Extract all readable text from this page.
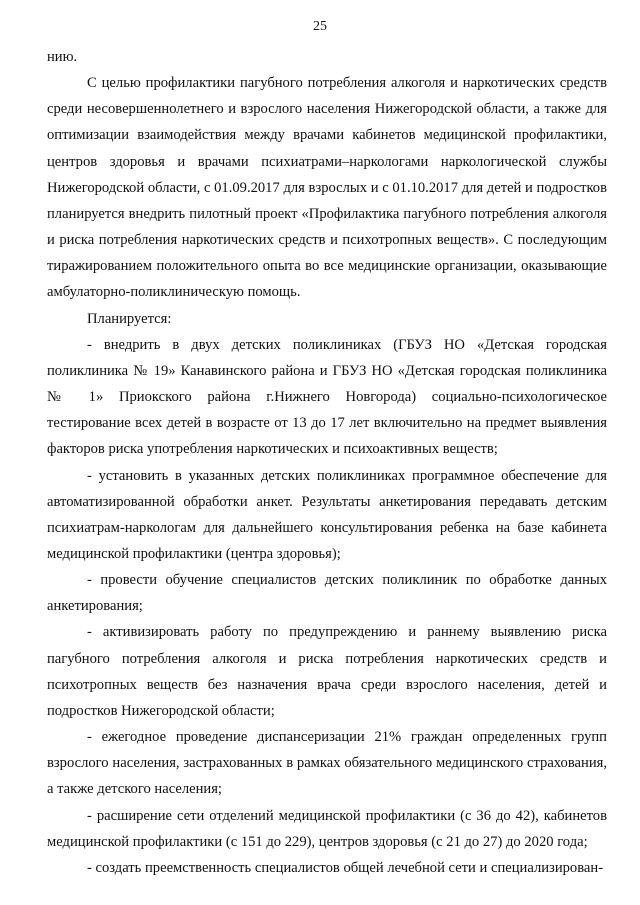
25

нию.

С целью профилактики пагубного потребления алкоголя и наркотических средств среди несовершеннолетнего и взрослого населения Нижегородской области, а также для оптимизации взаимодействия между врачами кабинетов медицинской профилактики, центров здоровья и врачами психиатрами–наркологами наркологической службы Нижегородской области, с 01.09.2017 для взрослых и с 01.10.2017 для детей и подростков планируется внедрить пилотный проект «Профилактика пагубного потребления алкоголя и риска потребления наркотических средств и психотропных веществ». С последующим тиражированием положительного опыта во все медицинские организации, оказывающие амбулаторно-поликлиническую помощь.

Планируется:

- внедрить в двух детских поликлиниках (ГБУЗ НО «Детская городская поликлиника № 19» Канавинского района и ГБУЗ НО «Детская городская поликлиника № 1» Приокского района г.Нижнего Новгорода) социально-психологическое тестирование всех детей в возрасте от 13 до 17 лет включительно на предмет выявления факторов риска употребления наркотических и психоактивных веществ;

- установить в указанных детских поликлиниках программное обеспечение для автоматизированной обработки анкет. Результаты анкетирования передавать детским психиатрам-наркологам для дальнейшего консультирования ребенка на базе кабинета медицинской профилактики (центра здоровья);

- провести обучение специалистов детских поликлиник по обработке данных анкетирования;

- активизировать работу по предупреждению и раннему выявлению риска пагубного потребления алкоголя и риска потребления наркотических средств и психотропных веществ без назначения врача среди взрослого населения, детей и подростков Нижегородской области;

- ежегодное проведение диспансеризации 21% граждан определенных групп взрослого населения, застрахованных в рамках обязательного медицинского страхования, а также детского населения;

- расширение сети отделений медицинской профилактики (с 36 до 42), кабинетов медицинской профилактики (с 151 до 229), центров здоровья (с 21 до 27) до 2020 года;

- создать преемственность специалистов общей лечебной сети и специализирован-
